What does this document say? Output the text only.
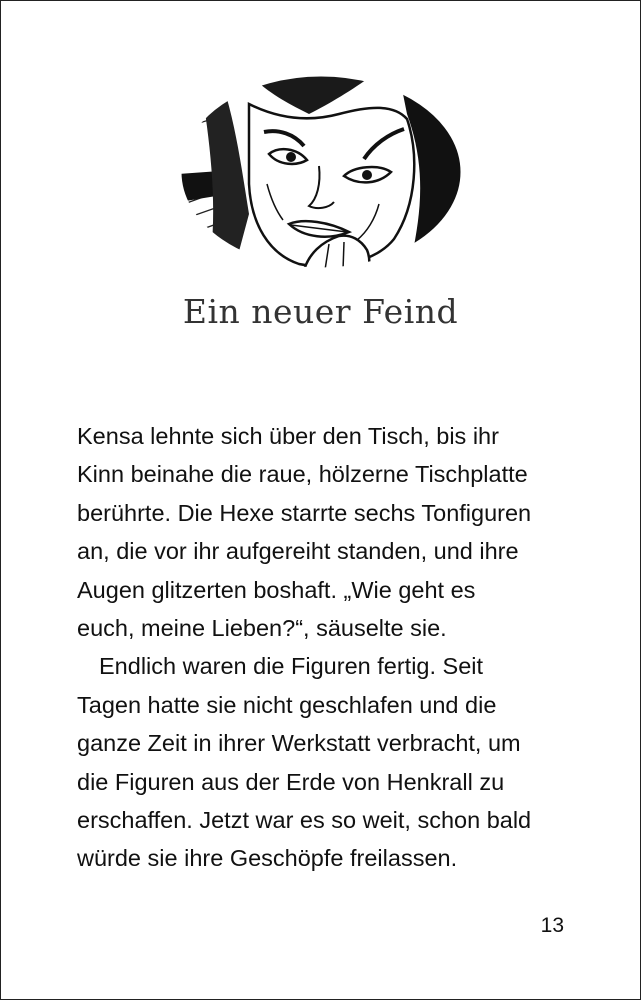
Ein neuer Feind

Kensa lehnte sich über den Tisch, bis ihr
Kinn beinahe die raue, hölzerne Tischplatte
berührte. Die Hexe starrte sechs Tonfiguren
an, die vor ihr aufgereiht standen, und ihre
Augen glitzerten boshaft. „Wie geht es
euch, meine Lieben?“, säuselte sie.

Endlich waren die Figuren fertig. Seit
Tagen hatte sie nicht geschlafen und die
ganze Zeit in ihrer Werkstatt verbracht, um
die Figuren aus der Erde von Henkrall zu
erschaffen. Jetzt war es so weit, schon bald
würde sie ihre Geschöpfe freilassen.

13
